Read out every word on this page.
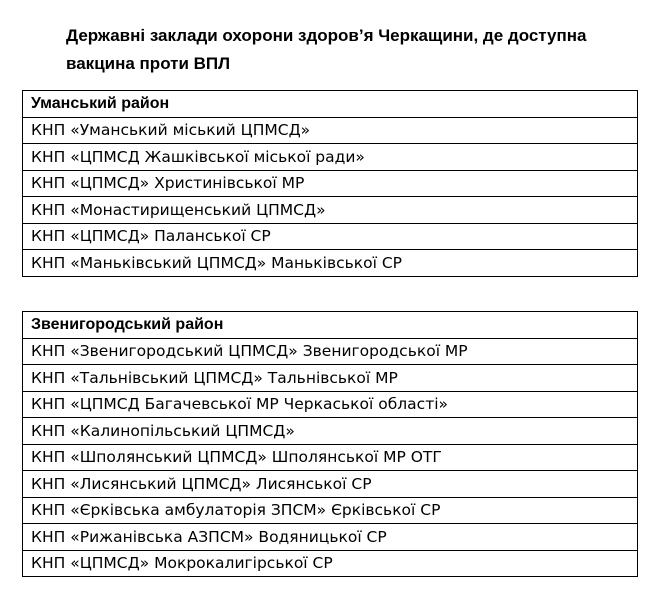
Державні заклади охорони здоров’я Черкащини, де доступна вакцина проти ВПЛ
Уманський район
КНП «Уманський міський ЦПМСД»
КНП «ЦПМСД Жашківської міської ради»
КНП «ЦПМСД» Христинівської МР
КНП «Монастирищенський ЦПМСД»
КНП «ЦПМСД» Паланської СР
КНП «Маньківський ЦПМСД» Маньківської СР
Звенигородський район
КНП «Звенигородський ЦПМСД» Звенигородської МР
КНП «Тальнівський ЦПМСД» Тальнівської МР
КНП «ЦПМСД Багачевської МР Черкаської області»
КНП «Калинопільський ЦПМСД»
КНП «Шполянський ЦПМСД» Шполянської МР ОТГ
КНП «Лисянський ЦПМСД» Лисянської СР
КНП «Єрківська амбулаторія ЗПСМ» Єрківської СР
КНП «Рижанівська АЗПСМ» Водяницької СР
КНП «ЦПМСД» Мокрокалигірської СР
